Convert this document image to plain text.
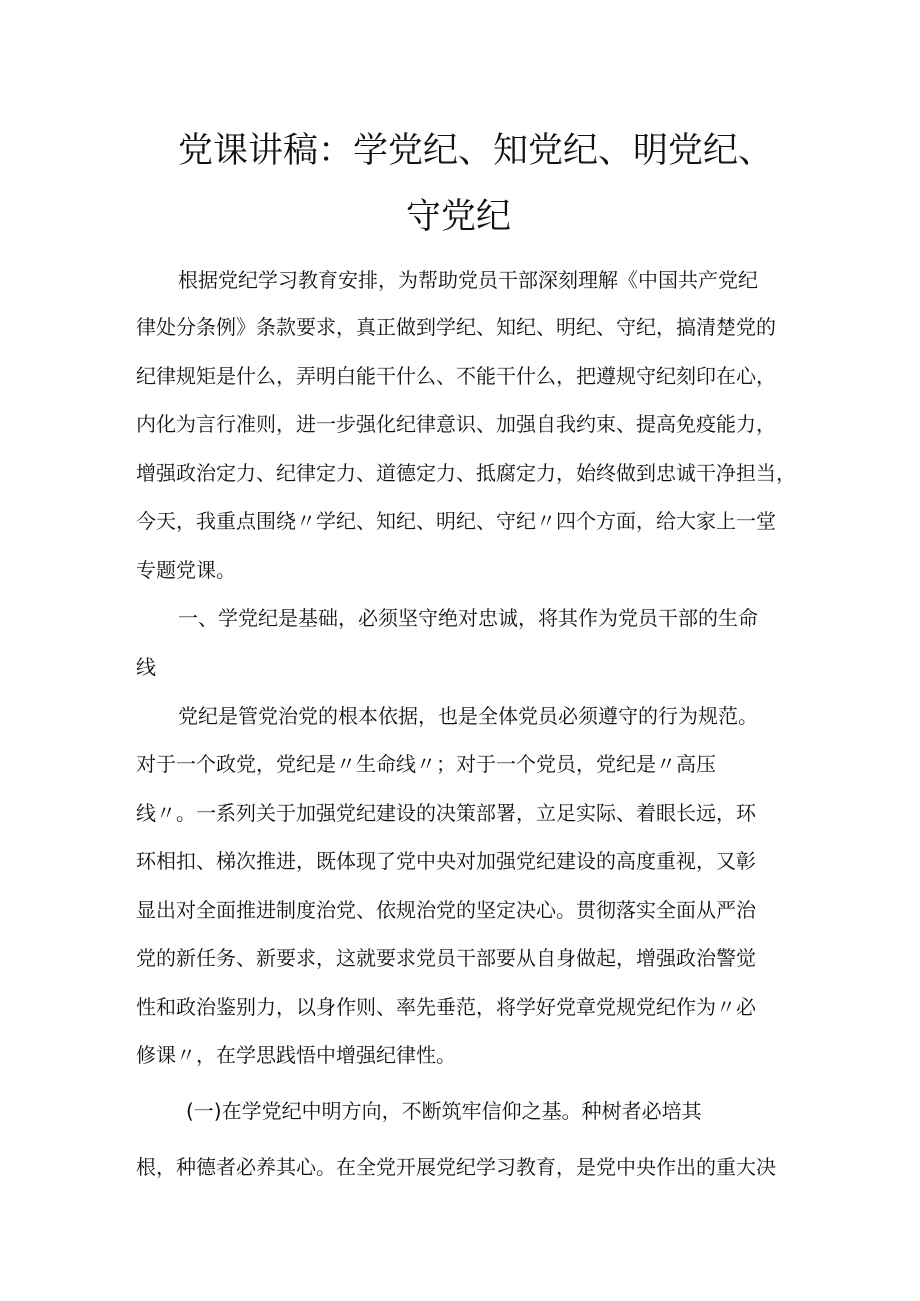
党课讲稿：学党纪、知党纪、明党纪、
守党纪
根据党纪学习教育安排，为帮助党员干部深刻理解《中国共产党纪
律处分条例》条款要求，真正做到学纪、知纪、明纪、守纪，搞清楚党的
纪律规矩是什么，弄明白能干什么、不能干什么，把遵规守纪刻印在心，
内化为言行准则，进一步强化纪律意识、加强自我约束、提高免疫能力，
增强政治定力、纪律定力、道德定力、抵腐定力，始终做到忠诚干净担当，
今天，我重点围绕〃学纪、知纪、明纪、守纪〃四个方面，给大家上一堂
专题党课。
一、学党纪是基础，必须坚守绝对忠诚，将其作为党员干部的生命
线
党纪是管党治党的根本依据，也是全体党员必须遵守的行为规范。
对于一个政党，党纪是〃生命线〃；对于一个党员，党纪是〃高压
线〃。一系列关于加强党纪建设的决策部署，立足实际、着眼长远，环
环相扣、梯次推进，既体现了党中央对加强党纪建设的高度重视，又彰
显出对全面推进制度治党、依规治党的坚定决心。贯彻落实全面从严治
党的新任务、新要求，这就要求党员干部要从自身做起，增强政治警觉
性和政治鉴别力，以身作则、率先垂范，将学好党章党规党纪作为〃必
修课〃，在学思践悟中增强纪律性。
(一)在学党纪中明方向，不断筑牢信仰之基。种树者必培其
根，种德者必养其心。在全党开展党纪学习教育，是党中央作出的重大决
